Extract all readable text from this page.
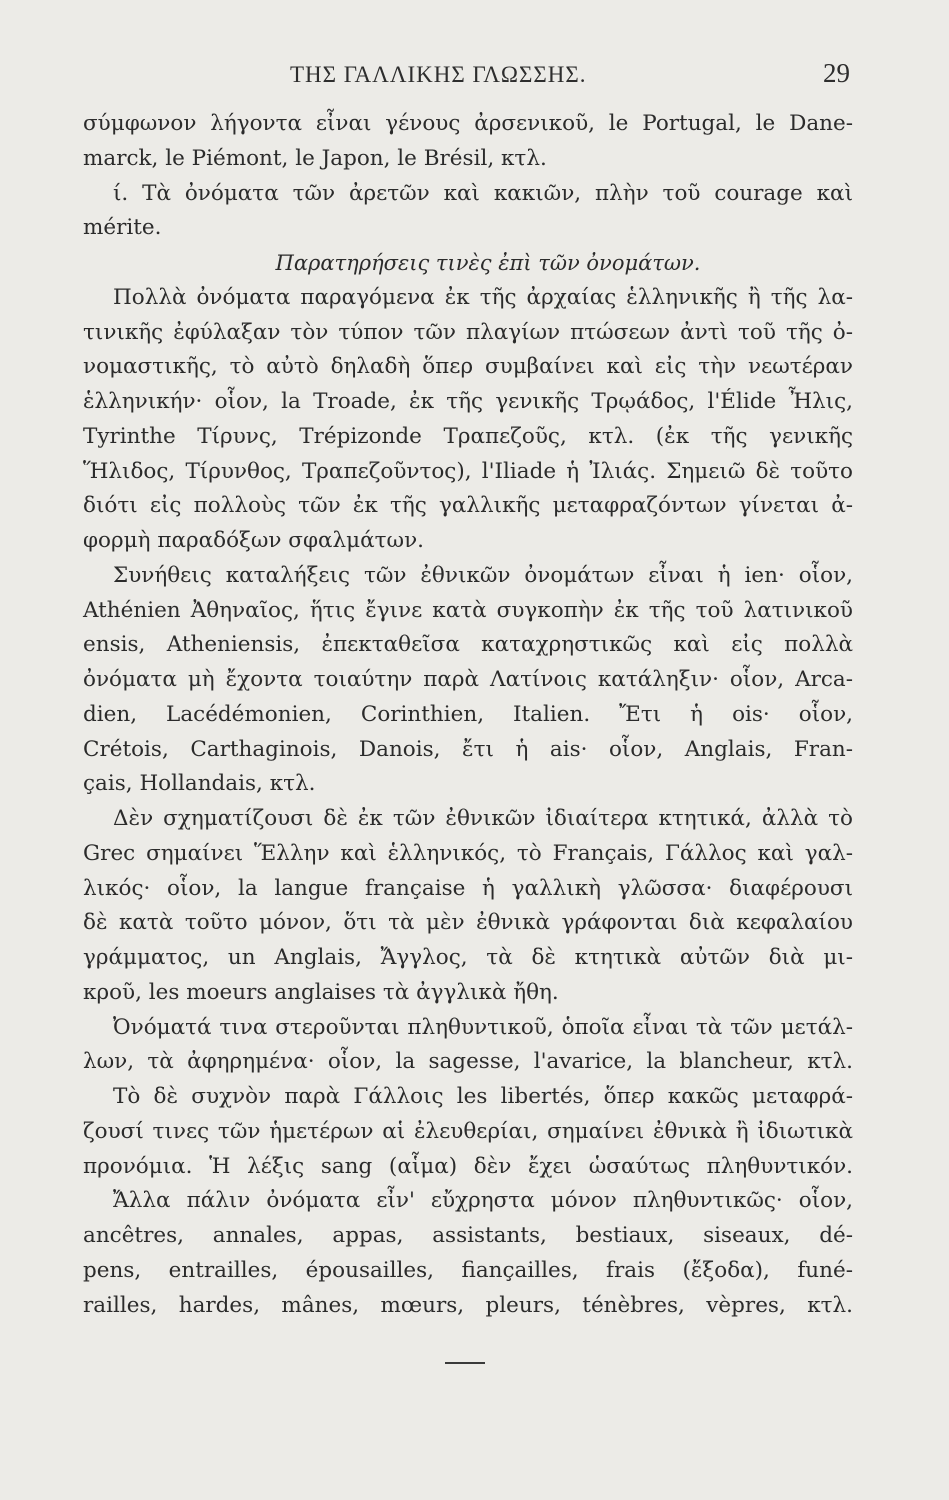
ΤΗΣ ΓΑΛΛΙΚΗΣ ΓΛΩΣΣΗΣ.	29
σύμφωνον λήγοντα εἶναι γένους ἀρσενικοῦ, le Portugal, le Dane-
marck, le Piémont, le Japon, le Brésil, κτλ.
ί. Τὰ ὀνόματα τῶν ἀρετῶν καὶ κακιῶν, πλὴν τοῦ courage καὶ
mérite.
Παρατηρήσεις τινὲς ἐπὶ τῶν ὀνομάτων.
Πολλὰ ὀνόματα παραγόμενα ἐκ τῆς ἀρχαίας ἑλληνικῆς ἢ τῆς λα-
τινικῆς ἐφύλαξαν τὸν τύπον τῶν πλαγίων πτώσεων ἀντὶ τοῦ τῆς ὀ-
νομαστικῆς, τὸ αὐτὸ δηλαδὴ ὅπερ συμβαίνει καὶ εἰς τὴν νεωτέραν
ἑλληνικήν· οἷον, la Troade, ἐκ τῆς γενικῆς Τρῳάδος, l'Élide Ἦλις,
Tyrinthe Τίρυνς, Trépizonde Τραπεζοῦς, κτλ. (ἐκ τῆς γενικῆς
Ἥλιδος, Τίρυνθος, Τραπεζοῦντος), l'Iliade ἡ Ἰλιάς. Σημειῶ δὲ τοῦτο
διότι εἰς πολλοὺς τῶν ἐκ τῆς γαλλικῆς μεταφραζόντων γίνεται ἀ-
φορμὴ παραδόξων σφαλμάτων.
Συνήθεις καταλήξεις τῶν ἐθνικῶν ὀνομάτων εἶναι ἡ ien· οἷον,
Athénien Ἀθηναῖος, ἥτις ἔγινε κατὰ συγκοπὴν ἐκ τῆς τοῦ λατινικοῦ
ensis, Atheniensis, ἐπεκταθεῖσα καταχρηστικῶς καὶ εἰς πολλὰ
ὀνόματα μὴ ἔχοντα τοιαύτην παρὰ Λατίνοις κατάληξιν· οἷον, Arca-
dien, Lacédémonien, Corinthien, Italien. Ἔτι ἡ ois· οἷον,
Crétois, Carthaginois, Danois, ἔτι ἡ ais· οἷον, Anglais, Fran-
çais, Hollandais, κτλ.
Δὲν σχηματίζουσι δὲ ἐκ τῶν ἐθνικῶν ἰδιαίτερα κτητικά, ἀλλὰ τὸ
Grec σημαίνει Ἕλλην καὶ ἑλληνικός, τὸ Français, Γάλλος καὶ γαλ-
λικός· οἷον, la langue française ἡ γαλλικὴ γλῶσσα· διαφέρουσι
δὲ κατὰ τοῦτο μόνον, ὅτι τὰ μὲν ἐθνικὰ γράφονται διὰ κεφαλαίου
γράμματος, un Anglais, Ἄγγλος, τὰ δὲ κτητικὰ αὐτῶν διὰ μι-
κροῦ, les moeurs anglaises τὰ ἀγγλικὰ ἤθη.
Ὀνόματά τινα στεροῦνται πληθυντικοῦ, ὁποῖα εἶναι τὰ τῶν μετάλ-
λων, τὰ ἀφηρημένα· οἷον, la sagesse, l'avarice, la blancheur, κτλ.
Τὸ δὲ συχνὸν παρὰ Γάλλοις les libertés, ὅπερ κακῶς μεταφρά-
ζουσί τινες τῶν ἡμετέρων αἱ ἐλευθερίαι, σημαίνει ἐθνικὰ ἢ ἰδιωτικὰ
προνόμια. Ἡ λέξις sang (αἷμα) δὲν ἔχει ὡσαύτως πληθυντικόν.
Ἄλλα πάλιν ὀνόματα εἶν' εὔχρηστα μόνον πληθυντικῶς· οἷον,
ancêtres, annales, appas, assistants, bestiaux, siseaux, dé-
pens, entrailles, épousailles, fiançailles, frais (ἔξοδα), funé-
railles, hardes, mânes, mœurs, pleurs, ténèbres, vèpres, κτλ.
